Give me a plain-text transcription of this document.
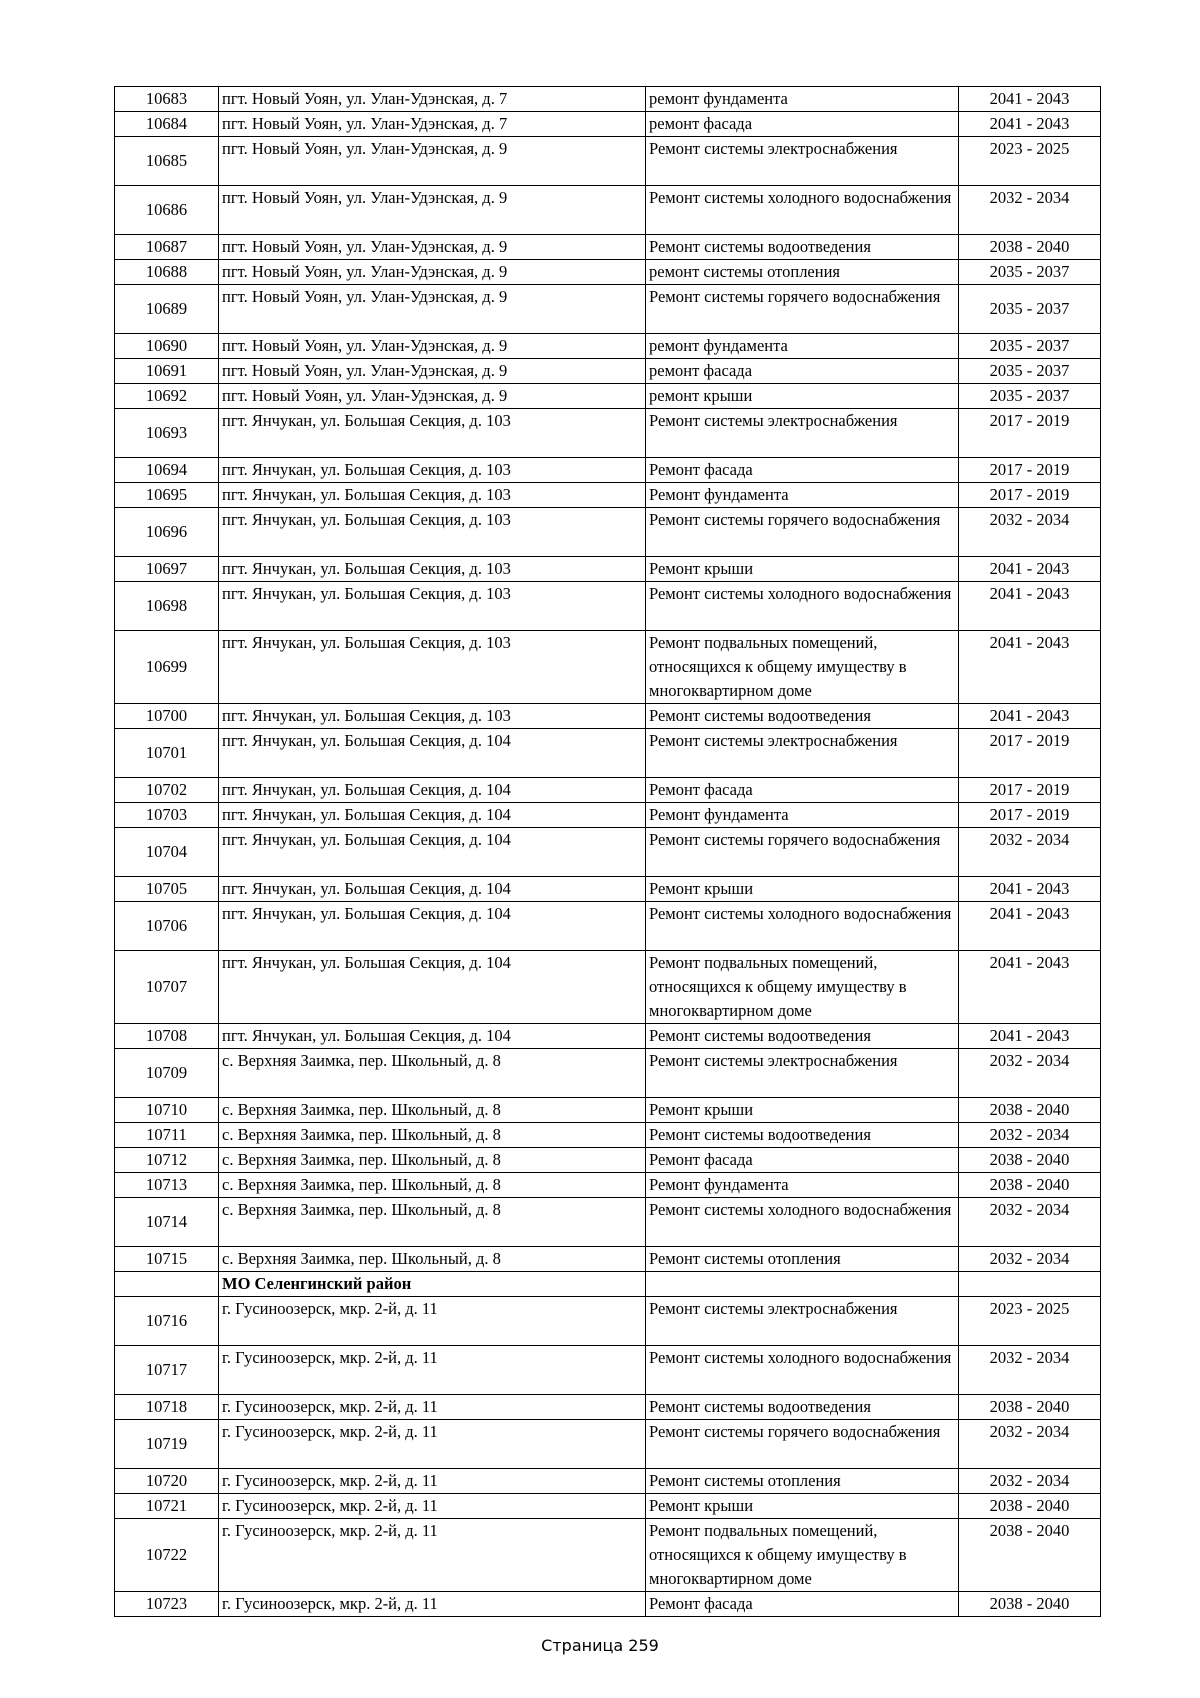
10683	пгт. Новый Уоян, ул. Улан-Удэнская, д. 7	ремонт фундамента	2041 - 2043
10684	пгт. Новый Уоян, ул. Улан-Удэнская, д. 7	ремонт фасада	2041 - 2043
10685	пгт. Новый Уоян, ул. Улан-Удэнская, д. 9	Ремонт системы электроснабжения	2023 - 2025
10686	пгт. Новый Уоян, ул. Улан-Удэнская, д. 9	Ремонт системы холодного водоснабжения	2032 - 2034
10687	пгт. Новый Уоян, ул. Улан-Удэнская, д. 9	Ремонт системы водоотведения	2038 - 2040
10688	пгт. Новый Уоян, ул. Улан-Удэнская, д. 9	ремонт системы отопления	2035 - 2037
10689	пгт. Новый Уоян, ул. Улан-Удэнская, д. 9	Ремонт системы горячего водоснабжения	2035 - 2037
10690	пгт. Новый Уоян, ул. Улан-Удэнская, д. 9	ремонт фундамента	2035 - 2037
10691	пгт. Новый Уоян, ул. Улан-Удэнская, д. 9	ремонт фасада	2035 - 2037
10692	пгт. Новый Уоян, ул. Улан-Удэнская, д. 9	ремонт крыши	2035 - 2037
10693	пгт. Янчукан, ул. Большая Секция, д. 103	Ремонт системы электроснабжения	2017 - 2019
10694	пгт. Янчукан, ул. Большая Секция, д. 103	Ремонт фасада	2017 - 2019
10695	пгт. Янчукан, ул. Большая Секция, д. 103	Ремонт фундамента	2017 - 2019
10696	пгт. Янчукан, ул. Большая Секция, д. 103	Ремонт системы горячего водоснабжения	2032 - 2034
10697	пгт. Янчукан, ул. Большая Секция, д. 103	Ремонт крыши	2041 - 2043
10698	пгт. Янчукан, ул. Большая Секция, д. 103	Ремонт системы холодного водоснабжения	2041 - 2043
10699	пгт. Янчукан, ул. Большая Секция, д. 103	Ремонт подвальных помещений, относящихся к общему имуществу в многоквартирном доме	2041 - 2043
10700	пгт. Янчукан, ул. Большая Секция, д. 103	Ремонт системы водоотведения	2041 - 2043
10701	пгт. Янчукан, ул. Большая Секция, д. 104	Ремонт системы электроснабжения	2017 - 2019
10702	пгт. Янчукан, ул. Большая Секция, д. 104	Ремонт фасада	2017 - 2019
10703	пгт. Янчукан, ул. Большая Секция, д. 104	Ремонт фундамента	2017 - 2019
10704	пгт. Янчукан, ул. Большая Секция, д. 104	Ремонт системы горячего водоснабжения	2032 - 2034
10705	пгт. Янчукан, ул. Большая Секция, д. 104	Ремонт крыши	2041 - 2043
10706	пгт. Янчукан, ул. Большая Секция, д. 104	Ремонт системы холодного водоснабжения	2041 - 2043
10707	пгт. Янчукан, ул. Большая Секция, д. 104	Ремонт подвальных помещений, относящихся к общему имуществу в многоквартирном доме	2041 - 2043
10708	пгт. Янчукан, ул. Большая Секция, д. 104	Ремонт системы водоотведения	2041 - 2043
10709	с. Верхняя Заимка, пер. Школьный, д. 8	Ремонт системы электроснабжения	2032 - 2034
10710	с. Верхняя Заимка, пер. Школьный, д. 8	Ремонт крыши	2038 - 2040
10711	с. Верхняя Заимка, пер. Школьный, д. 8	Ремонт системы водоотведения	2032 - 2034
10712	с. Верхняя Заимка, пер. Школьный, д. 8	Ремонт фасада	2038 - 2040
10713	с. Верхняя Заимка, пер. Школьный, д. 8	Ремонт фундамента	2038 - 2040
10714	с. Верхняя Заимка, пер. Школьный, д. 8	Ремонт системы холодного водоснабжения	2032 - 2034
10715	с. Верхняя Заимка, пер. Школьный, д. 8	Ремонт системы отопления	2032 - 2034
	МО Селенгинский район		
10716	г. Гусиноозерск, мкр. 2-й, д. 11	Ремонт системы электроснабжения	2023 - 2025
10717	г. Гусиноозерск, мкр. 2-й, д. 11	Ремонт системы холодного водоснабжения	2032 - 2034
10718	г. Гусиноозерск, мкр. 2-й, д. 11	Ремонт системы водоотведения	2038 - 2040
10719	г. Гусиноозерск, мкр. 2-й, д. 11	Ремонт системы горячего водоснабжения	2032 - 2034
10720	г. Гусиноозерск, мкр. 2-й, д. 11	Ремонт системы отопления	2032 - 2034
10721	г. Гусиноозерск, мкр. 2-й, д. 11	Ремонт крыши	2038 - 2040
10722	г. Гусиноозерск, мкр. 2-й, д. 11	Ремонт подвальных помещений, относящихся к общему имуществу в многоквартирном доме	2038 - 2040
10723	г. Гусиноозерск, мкр. 2-й, д. 11	Ремонт фасада	2038 - 2040
Страница 259
